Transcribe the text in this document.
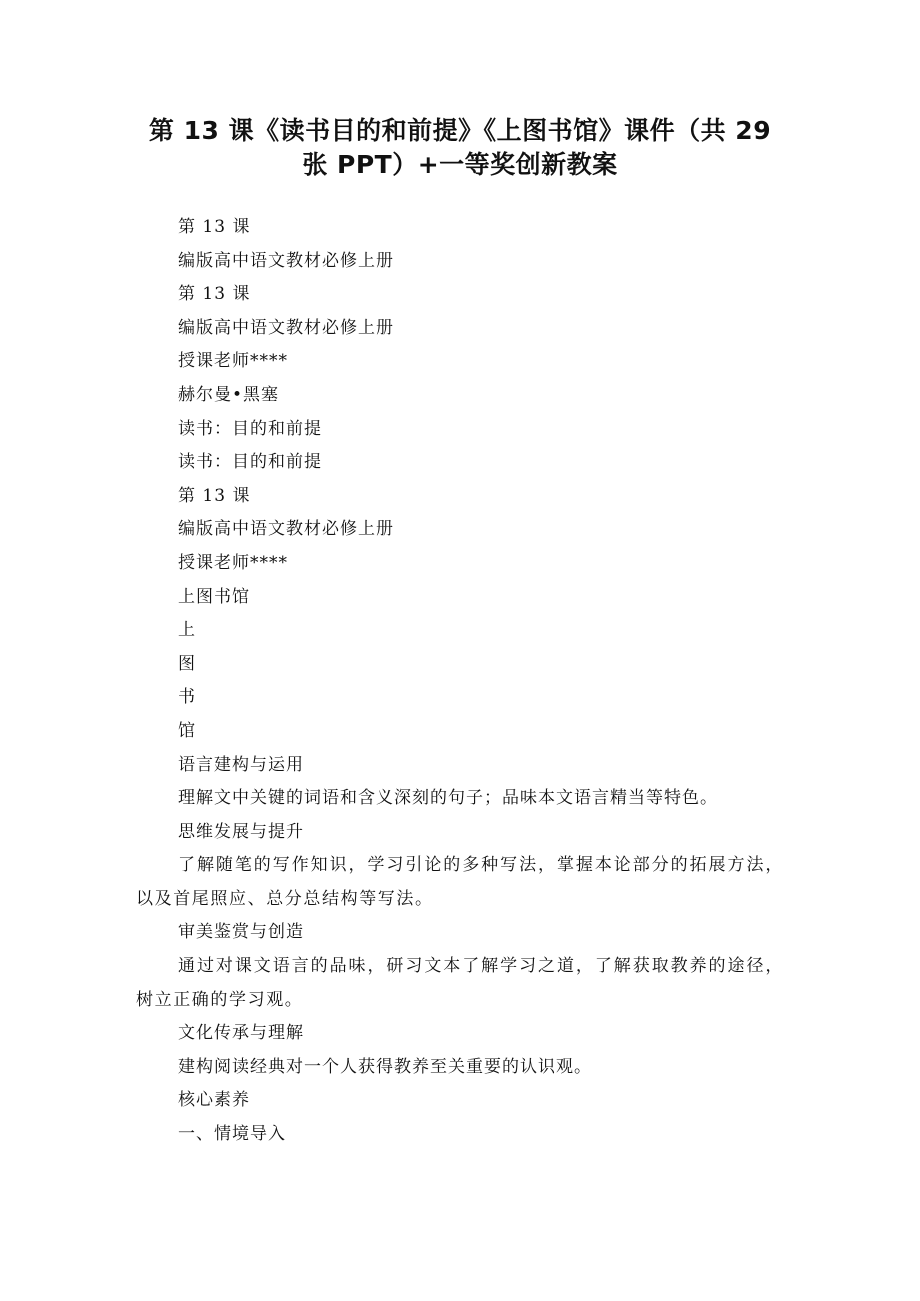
第 13 课《读书目的和前提》《上图书馆》课件（共 29
张 PPT）+一等奖创新教案

第 13 课

编版高中语文教材必修上册

第 13 课

编版高中语文教材必修上册

授课老师****

赫尔曼•黑塞

读书：目的和前提

读书：目的和前提

第 13 课

编版高中语文教材必修上册

授课老师****

上图书馆

上

图

书

馆

语言建构与运用

理解文中关键的词语和含义深刻的句子；品味本文语言精当等特色。

思维发展与提升

了解随笔的写作知识，学习引论的多种写法，掌握本论部分的拓展方法，以及首尾照应、总分总结构等写法。

审美鉴赏与创造

通过对课文语言的品味，研习文本了解学习之道，了解获取教养的途径，树立正确的学习观。

文化传承与理解

建构阅读经典对一个人获得教养至关重要的认识观。

核心素养

一、情境导入
